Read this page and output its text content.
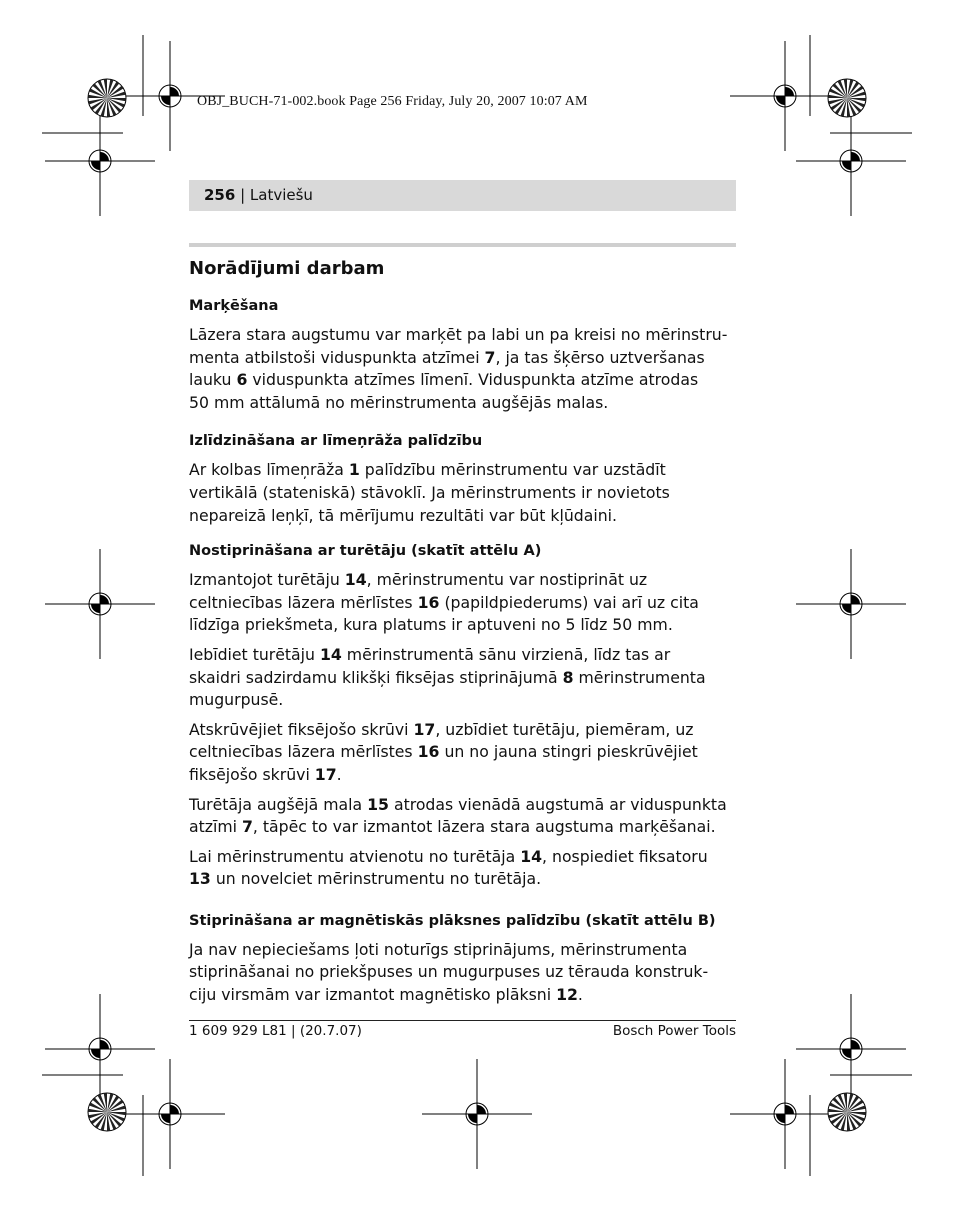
OBJ_BUCH-71-002.book Page 256 Friday, July 20, 2007 10:07 AM
256 | Latviešu
Norādījumi darbam
Marķēšana

Lāzera stara augstumu var marķēt pa labi un pa kreisi no mērinstru-
menta atbilstoši viduspunkta atzīmei 7, ja tas šķērso uztveršanas
lauku 6 viduspunkta atzīmes līmenī. Viduspunkta atzīme atrodas
50 mm attālumā no mērinstrumenta augšējās malas.

Izlīdzināšana ar līmeņrāža palīdzību

Ar kolbas līmeņrāža 1 palīdzību mērinstrumentu var uzstādīt
vertikālā (stateniskā) stāvoklī. Ja mērinstruments ir novietots
nepareizā leņķī, tā mērījumu rezultāti var būt kļūdaini.

Nostiprināšana ar turētāju (skatīt attēlu A)

Izmantojot turētāju 14, mērinstrumentu var nostiprināt uz
celtniecības lāzera mērlīstes 16 (papildpiederums) vai arī uz cita
līdzīga priekšmeta, kura platums ir aptuveni no 5 līdz 50 mm.

Iebīdiet turētāju 14 mērinstrumentā sānu virzienā, līdz tas ar
skaidri sadzirdamu klikšķi fiksējas stiprinājumā 8 mērinstrumenta
mugurpusē.

Atskrūvējiet fiksējošo skrūvi 17, uzbīdiet turētāju, piemēram, uz
celtniecības lāzera mērlīstes 16 un no jauna stingri pieskrūvējiet
fiksējošo skrūvi 17.

Turētāja augšējā mala 15 atrodas vienādā augstumā ar viduspunkta
atzīmi 7, tāpēc to var izmantot lāzera stara augstuma marķēšanai.

Lai mērinstrumentu atvienotu no turētāja 14, nospiediet fiksatoru
13 un novelciet mērinstrumentu no turētāja.

Stiprināšana ar magnētiskās plāksnes palīdzību (skatīt attēlu B)

Ja nav nepieciešams ļoti noturīgs stiprinājums, mērinstrumenta
stiprināšanai no priekšpuses un mugurpuses uz tērauda konstruk-
ciju virsmām var izmantot magnētisko plāksni 12.

1 609 929 L81 | (20.7.07)	Bosch Power Tools
